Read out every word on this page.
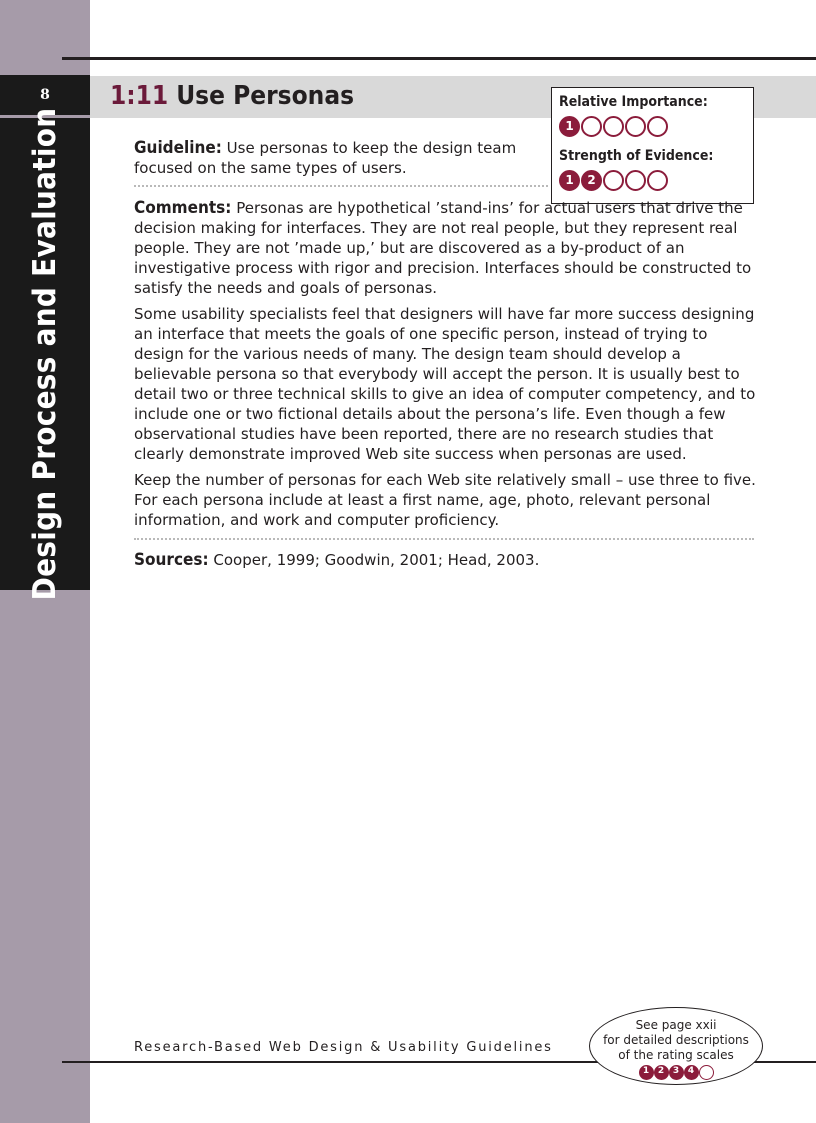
8
Design Process and Evaluation
1:11 Use Personas	Relative Importance:
1
Strength of Evidence:
1	2
Guideline: Use personas to keep the design team focused on the same types of users.

Comments: Personas are hypothetical ’stand-ins’ for actual users that drive the decision making for interfaces. They are not real people, but they represent real people. They are not ’made up,’ but are discovered as a by-product of an investigative process with rigor and precision. Interfaces should be constructed to satisfy the needs and goals of personas.

Some usability specialists feel that designers will have far more success designing an interface that meets the goals of one specific person, instead of trying to design for the various needs of many. The design team should develop a believable persona so that everybody will accept the person. It is usually best to detail two or three technical skills to give an idea of computer competency, and to include one or two fictional details about the persona’s life. Even though a few observational studies have been reported, there are no research studies that clearly demonstrate improved Web site success when personas are used.

Keep the number of personas for each Web site relatively small – use three to five. For each persona include at least a first name, age, photo, relevant personal information, and work and computer proficiency.

Sources: Cooper, 1999; Goodwin, 2001; Head, 2003.
Research-Based Web Design & Usability Guidelines
See page xxii
for detailed descriptions
of the rating scales
1 2 3 4
